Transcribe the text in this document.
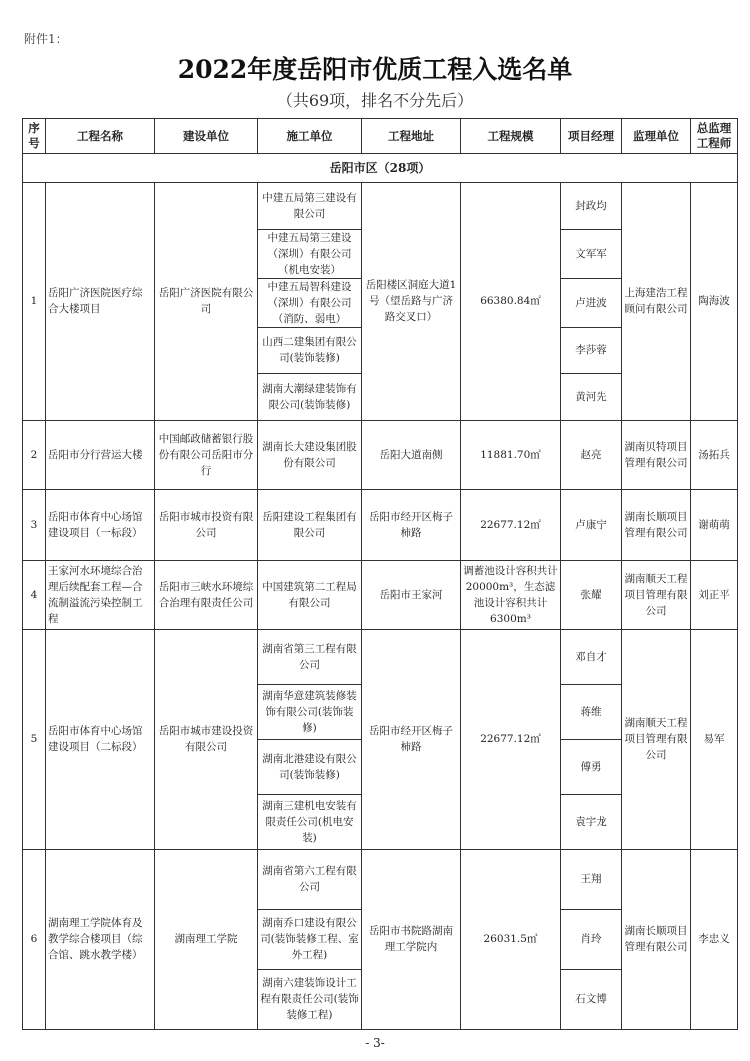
附件1：
2022年度岳阳市优质工程入选名单
（共69项，排名不分先后）
序号	工程名称	建设单位	施工单位	工程地址	工程规模	项目经理	监理单位	总监理工程师
岳阳市区（28项）								
1	岳阳广济医院医疗综合大楼项目	岳阳广济医院有限公司	中建五局第三建设有限公司	岳阳楼区洞庭大道1号（望岳路与广济路交叉口）	66380.84㎡	封政均	上海建浩工程顾问有限公司	陶海波
			中建五局第三建设（深圳）有限公司（机电安装）			文军军		
			中建五局智科建设（深圳）有限公司（消防、弱电）			卢进波		
			山西二建集团有限公司(装饰装修)			李莎蓉		
			湖南大潮绿建装饰有限公司(装饰装修)			黄河先		
2	岳阳市分行营运大楼	中国邮政储蓄银行股份有限公司岳阳市分行	湖南长大建设集团股份有限公司	岳阳大道南侧	11881.70㎡	赵亮	湖南贝特项目管理有限公司	汤拓兵
3	岳阳市体育中心场馆建设项目（一标段）	岳阳市城市投资有限公司	岳阳建设工程集团有限公司	岳阳市经开区梅子柿路	22677.12㎡	卢康宁	湖南长顺项目管理有限公司	谢萌萌
4	王家河水环境综合治理后续配套工程—合流制溢流污染控制工程	岳阳市三峡水环境综合治理有限责任公司	中国建筑第二工程局有限公司	岳阳市王家河	调蓄池设计容积共计20000m³，生态滤池设计容积共计6300m³	张耀	湖南顺天工程项目管理有限公司	刘正平
5	岳阳市体育中心场馆建设项目（二标段）	岳阳市城市建设投资有限公司	湖南省第三工程有限公司	岳阳市经开区梅子柿路	22677.12㎡	邓自才	湖南顺天工程项目管理有限公司	易军
			湖南华意建筑装修装饰有限公司(装饰装修)			蒋维		
			湖南北港建设有限公司(装饰装修)			傅勇		
			湖南三建机电安装有限责任公司(机电安装)			袁宇龙		
6	湖南理工学院体育及教学综合楼项目（综合馆、跳水教学楼）	湖南理工学院	湖南省第六工程有限公司	岳阳市书院路湖南理工学院内	26031.5㎡	王翔	湖南长顺项目管理有限公司	李忠义
			湖南乔口建设有限公司(装饰装修工程、室外工程)			肖玲		
			湖南六建装饰设计工程有限责任公司(装饰装修工程)			石文博		
- 3-
